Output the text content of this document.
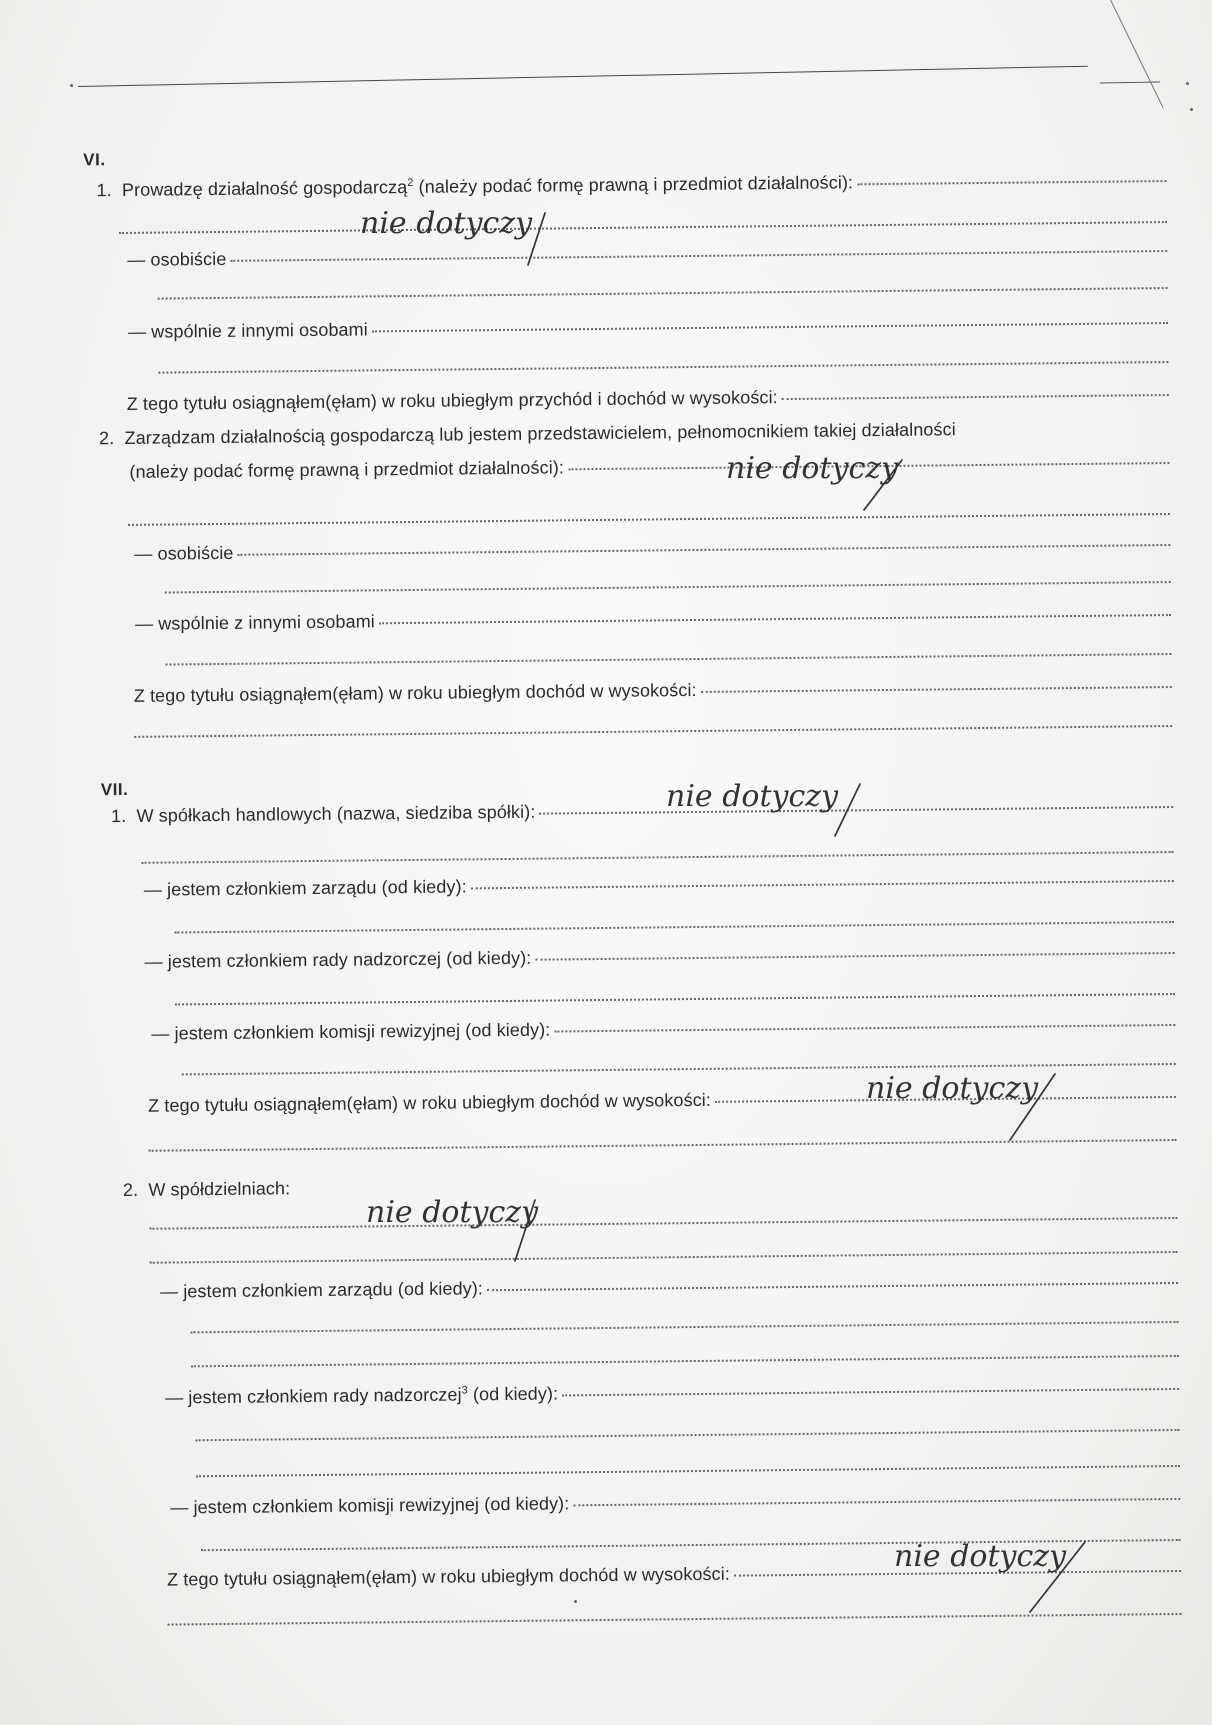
VI.
1. Prowadzę działalność gospodarczą$^2$ (należy podać formę prawną i przedmiot działalności):
— osobiście
— wspólnie z innymi osobami
Z tego tytułu osiągnąłem(ęłam) w roku ubiegłym przychód i dochód w wysokości:
2. Zarządzam działalnością gospodarczą lub jestem przedstawicielem, pełnomocnikiem takiej działalności
(należy podać formę prawną i przedmiot działalności):
— osobiście
— wspólnie z innymi osobami
Z tego tytułu osiągnąłem(ęłam) w roku ubiegłym dochód w wysokości:
VII.
1. W spółkach handlowych (nazwa, siedziba spółki):
— jestem członkiem zarządu (od kiedy):
— jestem członkiem rady nadzorczej (od kiedy):
— jestem członkiem komisji rewizyjnej (od kiedy):
Z tego tytułu osiągnąłem(ęłam) w roku ubiegłym dochód w wysokości:
2. W spółdzielniach:
— jestem członkiem zarządu (od kiedy):
— jestem członkiem rady nadzorczej$^3$ (od kiedy):
— jestem członkiem komisji rewizyjnej (od kiedy):
Z tego tytułu osiągnąłem(ęłam) w roku ubiegłym dochód w wysokości:
nie dotyczy
nie dotyczy
nie dotyczy
nie dotyczy
nie dotyczy
nie dotyczy
